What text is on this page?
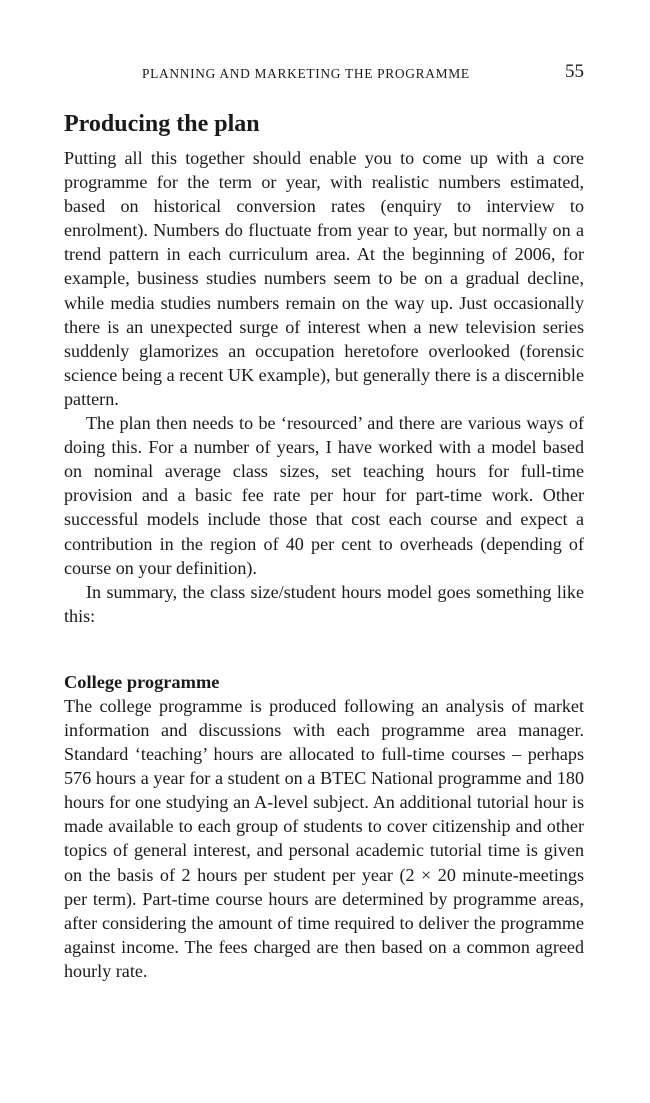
PLANNING AND MARKETING THE PROGRAMME	55
Producing the plan

Putting all this together should enable you to come up with a core programme for the term or year, with realistic numbers estimated, based on historical conversion rates (enquiry to interview to enrolment). Numbers do fluctuate from year to year, but normally on a trend pattern in each curriculum area. At the beginning of 2006, for example, business studies numbers seem to be on a gradual decline, while media studies numbers remain on the way up. Just occasionally there is an unexpected surge of interest when a new television series suddenly glamorizes an occupation heretofore overlooked (forensic science being a recent UK example), but generally there is a discernible pattern.

The plan then needs to be ‘resourced’ and there are various ways of doing this. For a number of years, I have worked with a model based on nominal average class sizes, set teaching hours for full-time provision and a basic fee rate per hour for part-time work. Other successful models include those that cost each course and expect a contribution in the region of 40 per cent to overheads (depending of course on your definition).

In summary, the class size/student hours model goes something like this:

College programme

The college programme is produced following an analysis of market information and discussions with each programme area manager. Standard ‘teaching’ hours are allocated to full-time courses – perhaps 576 hours a year for a student on a BTEC National programme and 180 hours for one studying an A-level subject. An additional tutorial hour is made available to each group of students to cover citizenship and other topics of general interest, and personal academic tutorial time is given on the basis of 2 hours per student per year (2 × 20 minute-meetings per term). Part-time course hours are determined by programme areas, after considering the amount of time required to deliver the programme against income. The fees charged are then based on a common agreed hourly rate.
